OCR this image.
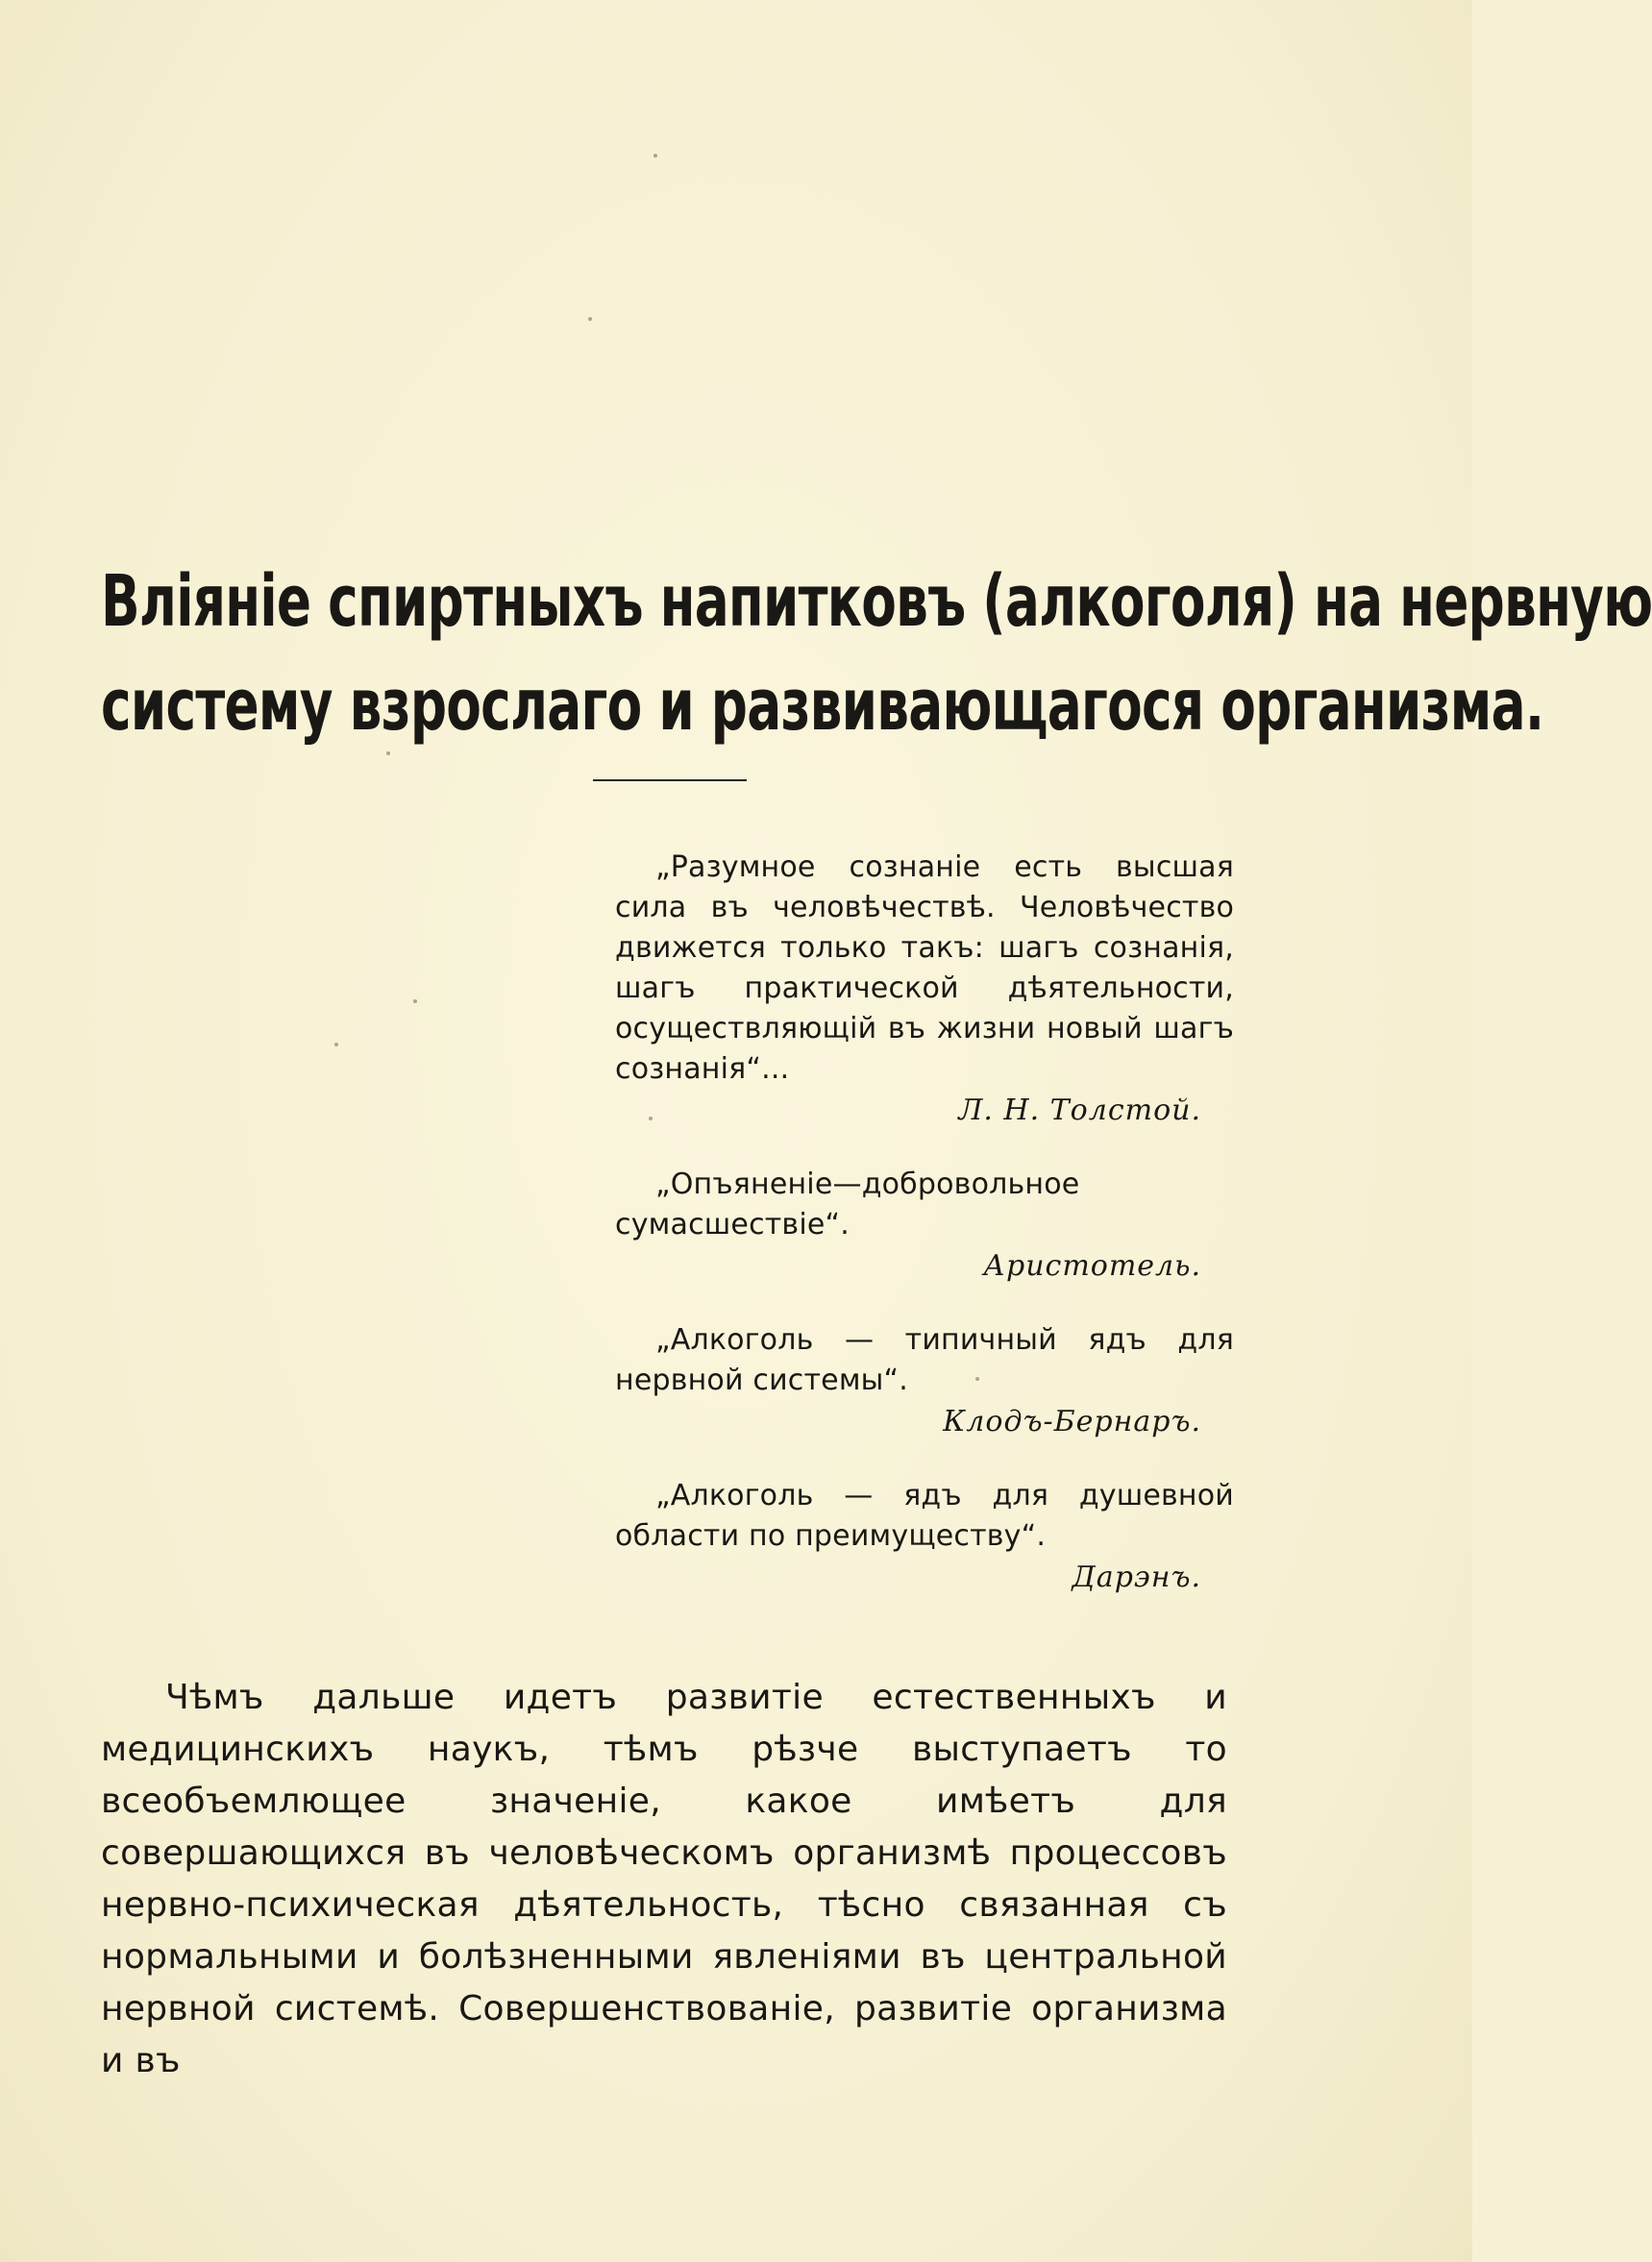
Вліяніе спиртныхъ напитковъ (алкоголя) на нервную
систему взрослаго и развивающагося организма.

„Разумное сознаніе есть высшая сила въ человѣчествѣ. Человѣчество движется только такъ: шагъ сознанія, шагъ практической дѣятельности, осуществляющій въ жизни новый шагъ сознанія“...

Л. Н. Толстой.

„Опъяненіе—добровольное сумасшествіе“.

Аристотель.

„Алкоголь — типичный ядъ для нервной системы“.

Клодъ-Бернаръ.

„Алкоголь — ядъ для душевной области по преимуществу“.

Дарэнъ.

Чѣмъ дальше идетъ развитіе естественныхъ и медицинскихъ наукъ, тѣмъ рѣзче выступаетъ то всеобъемлющее значеніе, какое имѣетъ для совершающихся въ человѣческомъ организмѣ процессовъ нервно-психическая дѣятельность, тѣсно связанная съ нормальными и болѣзненными явленіями въ центральной нервной системѣ. Совершенствованіе, развитіе организма и въ
